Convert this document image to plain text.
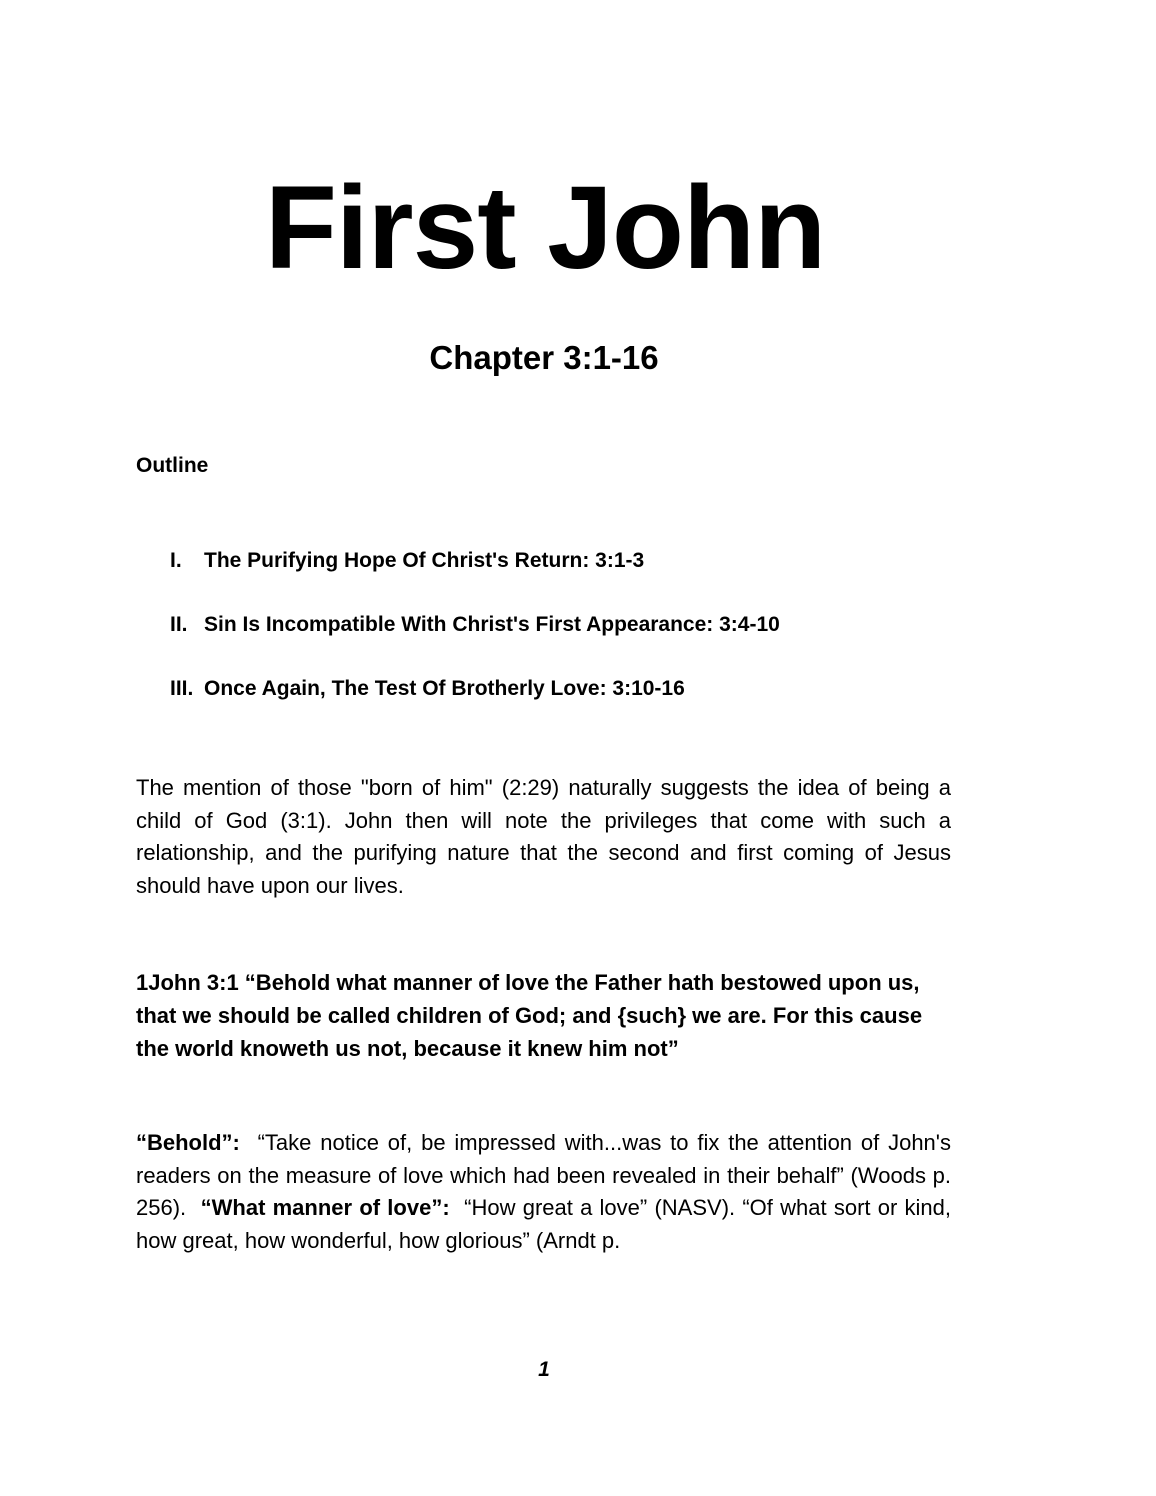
First John
Chapter 3:1-16
Outline
I. The Purifying Hope Of Christ's Return: 3:1-3
II. Sin Is Incompatible With Christ's First Appearance: 3:4-10
III. Once Again, The Test Of Brotherly Love: 3:10-16

The mention of those "born of him" (2:29) naturally suggests the idea of being a child of God (3:1). John then will note the privileges that come with such a relationship, and the purifying nature that the second and first coming of Jesus should have upon our lives.

1John 3:1 “Behold what manner of love the Father hath bestowed upon us, that we should be called children of God; and {such} we are. For this cause the world knoweth us not, because it knew him not”

“Behold”: “Take notice of, be impressed with...was to fix the attention of John's readers on the measure of love which had been revealed in their behalf” (Woods p. 256). “What manner of love”: “How great a love” (NASV). “Of what sort or kind, how great, how wonderful, how glorious” (Arndt p.

1
